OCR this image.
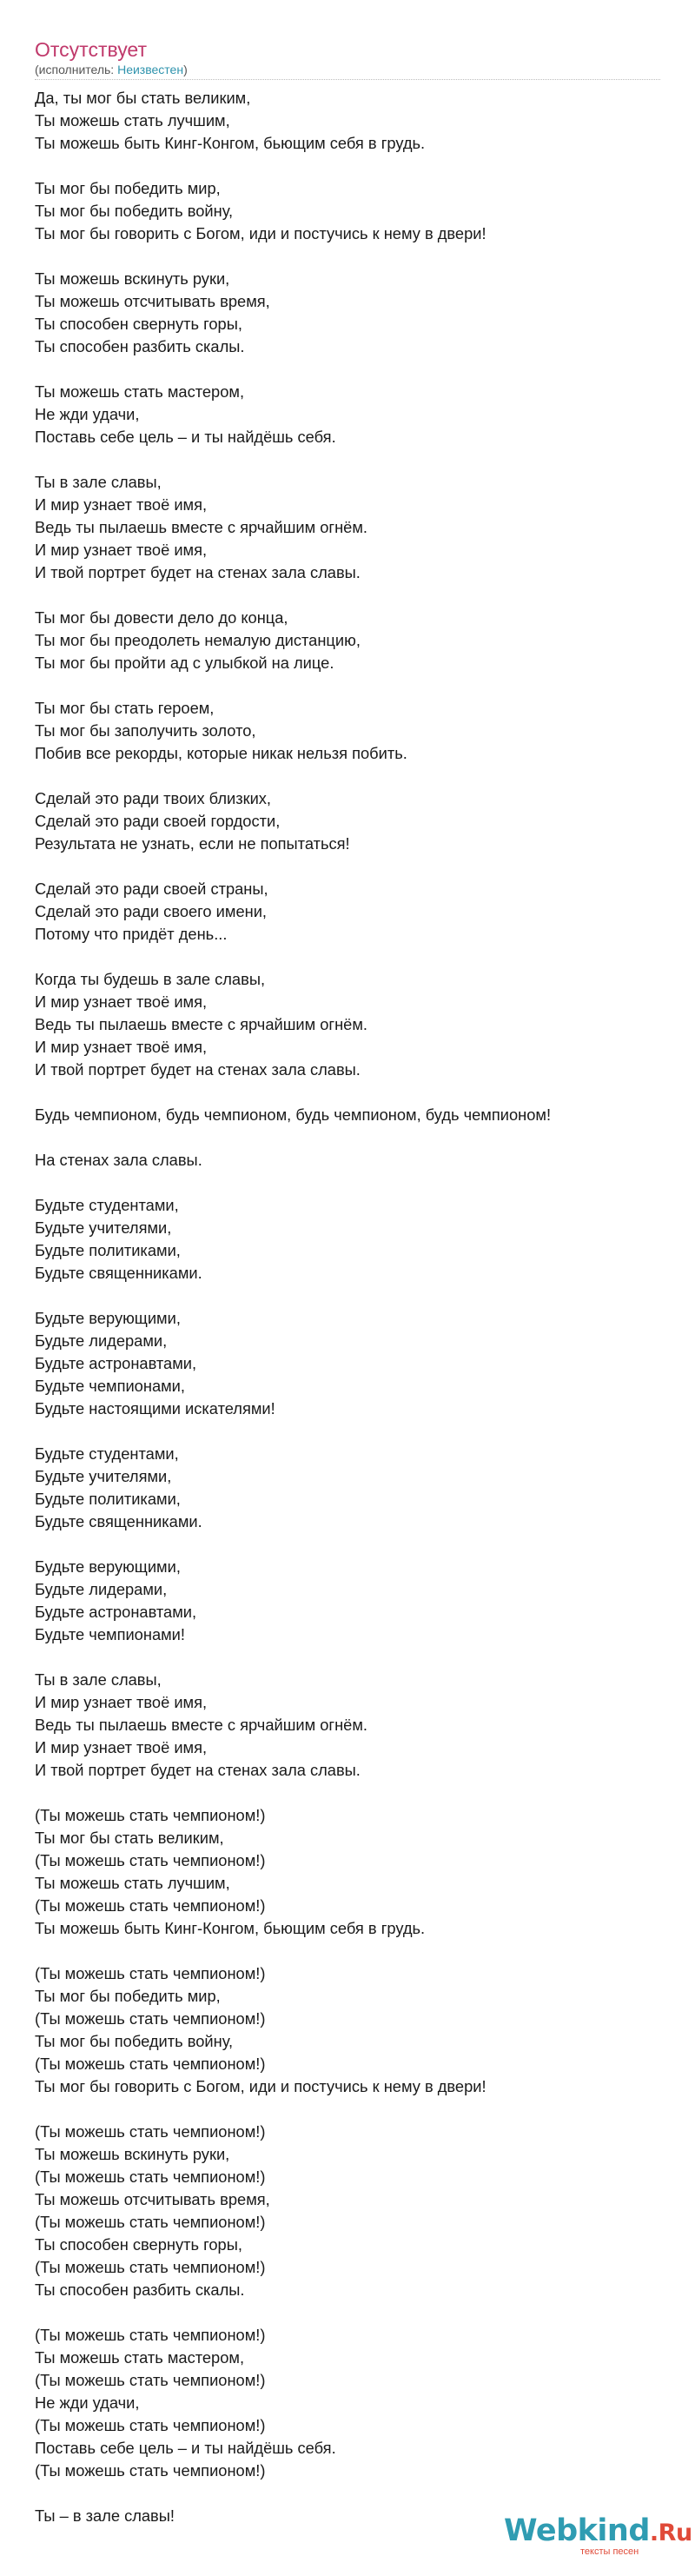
Отсутствует
(исполнитель: Неизвестен)
Да, ты мог бы стать великим,
Ты можешь стать лучшим,
Ты можешь быть Кинг-Конгом, бьющим себя в грудь.
Ты мог бы победить мир,
Ты мог бы победить войну,
Ты мог бы говорить с Богом, иди и постучись к нему в двери!
Ты можешь вскинуть руки,
Ты можешь отсчитывать время,
Ты способен свернуть горы,
Ты способен разбить скалы.
Ты можешь стать мастером,
Не жди удачи,
Поставь себе цель – и ты найдёшь себя.
Ты в зале славы,
И мир узнает твоё имя,
Ведь ты пылаешь вместе с ярчайшим огнём.
И мир узнает твоё имя,
И твой портрет будет на стенах зала славы.
Ты мог бы довести дело до конца,
Ты мог бы преодолеть немалую дистанцию,
Ты мог бы пройти ад с улыбкой на лице.
Ты мог бы стать героем,
Ты мог бы заполучить золото,
Побив все рекорды, которые никак нельзя побить.
Сделай это ради твоих близких,
Сделай это ради своей гордости,
Результата не узнать, если не попытаться!
Сделай это ради своей страны,
Сделай это ради своего имени,
Потому что придёт день...
Когда ты будешь в зале славы,
И мир узнает твоё имя,
Ведь ты пылаешь вместе с ярчайшим огнём.
И мир узнает твоё имя,
И твой портрет будет на стенах зала славы.
Будь чемпионом, будь чемпионом, будь чемпионом, будь чемпионом!
На стенах зала славы.
Будьте студентами,
Будьте учителями,
Будьте политиками,
Будьте священниками.
Будьте верующими,
Будьте лидерами,
Будьте астронавтами,
Будьте чемпионами,
Будьте настоящими искателями!
Будьте студентами,
Будьте учителями,
Будьте политиками,
Будьте священниками.
Будьте верующими,
Будьте лидерами,
Будьте астронавтами,
Будьте чемпионами!
Ты в зале славы,
И мир узнает твоё имя,
Ведь ты пылаешь вместе с ярчайшим огнём.
И мир узнает твоё имя,
И твой портрет будет на стенах зала славы.
(Ты можешь стать чемпионом!)
Ты мог бы стать великим,
(Ты можешь стать чемпионом!)
Ты можешь стать лучшим,
(Ты можешь стать чемпионом!)
Ты можешь быть Кинг-Конгом, бьющим себя в грудь.
(Ты можешь стать чемпионом!)
Ты мог бы победить мир,
(Ты можешь стать чемпионом!)
Ты мог бы победить войну,
(Ты можешь стать чемпионом!)
Ты мог бы говорить с Богом, иди и постучись к нему в двери!
(Ты можешь стать чемпионом!)
Ты можешь вскинуть руки,
(Ты можешь стать чемпионом!)
Ты можешь отсчитывать время,
(Ты можешь стать чемпионом!)
Ты способен свернуть горы,
(Ты можешь стать чемпионом!)
Ты способен разбить скалы.
(Ты можешь стать чемпионом!)
Ты можешь стать мастером,
(Ты можешь стать чемпионом!)
Не жди удачи,
(Ты можешь стать чемпионом!)
Поставь себе цель – и ты найдёшь себя.
(Ты можешь стать чемпионом!)
Ты – в зале славы!	Webkind.Ru
тексты песен
